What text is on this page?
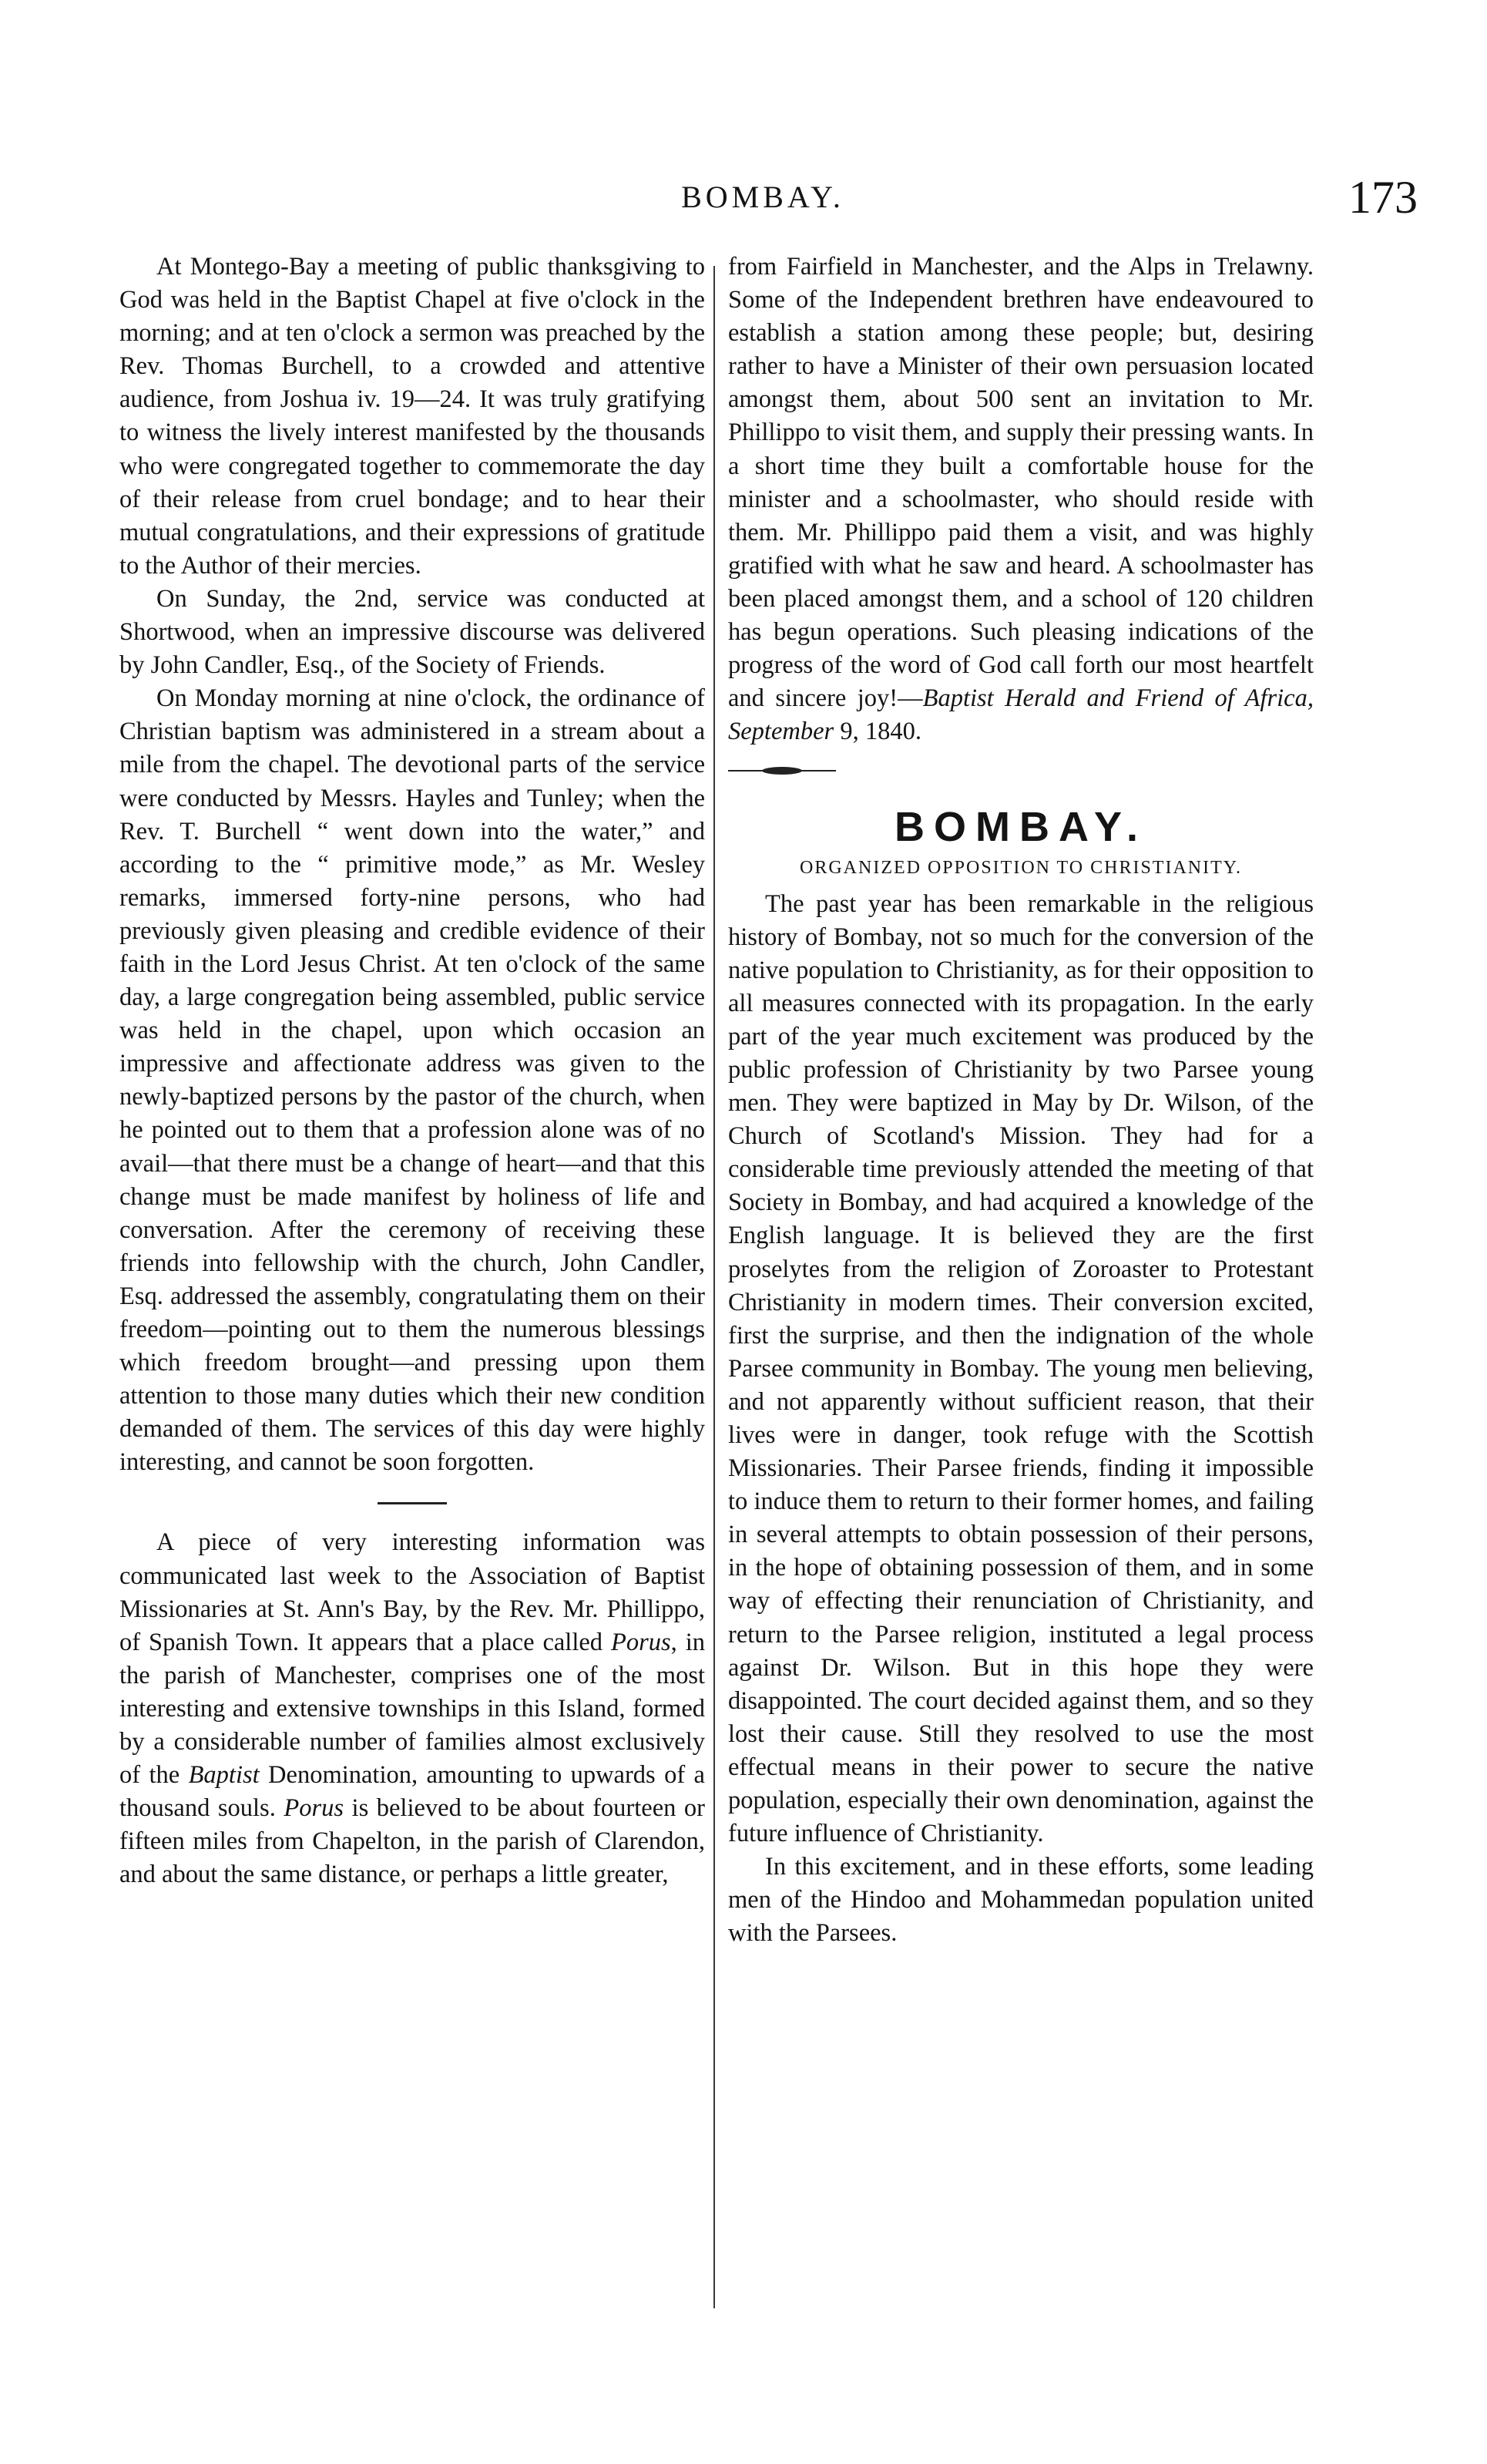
BOMBAY.	173

At Montego-Bay a meeting of public thanksgiving to God was held in the Baptist Chapel at five o'clock in the morning; and at ten o'clock a sermon was preached by the Rev. Thomas Burchell, to a crowded and attentive audience, from Joshua iv. 19—24. It was truly gratifying to witness the lively interest manifested by the thousands who were congregated together to commemorate the day of their release from cruel bondage; and to hear their mutual congratulations, and their expressions of gratitude to the Author of their mercies.

On Sunday, the 2nd, service was conducted at Shortwood, when an impressive discourse was delivered by John Candler, Esq., of the Society of Friends.

On Monday morning at nine o'clock, the ordinance of Christian baptism was administered in a stream about a mile from the chapel. The devotional parts of the service were conducted by Messrs. Hayles and Tunley; when the Rev. T. Burchell “ went down into the water,” and according to the “ primitive mode,” as Mr. Wesley remarks, immersed forty-nine persons, who had previously given pleasing and credible evidence of their faith in the Lord Jesus Christ. At ten o'clock of the same day, a large congregation being assembled, public service was held in the chapel, upon which occasion an impressive and affectionate address was given to the newly-baptized persons by the pastor of the church, when he pointed out to them that a profession alone was of no avail—that there must be a change of heart—and that this change must be made manifest by holiness of life and conversation. After the ceremony of receiving these friends into fellowship with the church, John Candler, Esq. addressed the assembly, congratulating them on their freedom—pointing out to them the numerous blessings which freedom brought—and pressing upon them attention to those many duties which their new condition demanded of them. The services of this day were highly interesting, and cannot be soon forgotten.

A piece of very interesting information was communicated last week to the Association of Baptist Missionaries at St. Ann's Bay, by the Rev. Mr. Phillippo, of Spanish Town. It appears that a place called Porus, in the parish of Manchester, comprises one of the most interesting and extensive townships in this Island, formed by a considerable number of families almost exclusively of the Baptist Denomination, amounting to upwards of a thousand souls. Porus is believed to be about fourteen or fifteen miles from Chapelton, in the parish of Clarendon, and about the same distance, or perhaps a little greater,

from Fairfield in Manchester, and the Alps in Trelawny. Some of the Independent brethren have endeavoured to establish a station among these people; but, desiring rather to have a Minister of their own persuasion located amongst them, about 500 sent an invitation to Mr. Phillippo to visit them, and supply their pressing wants. In a short time they built a comfortable house for the minister and a schoolmaster, who should reside with them. Mr. Phillippo paid them a visit, and was highly gratified with what he saw and heard. A schoolmaster has been placed amongst them, and a school of 120 children has begun operations. Such pleasing indications of the progress of the word of God call forth our most heartfelt and sincere joy!—Baptist Herald and Friend of Africa, September 9, 1840.

BOMBAY.
ORGANIZED OPPOSITION TO CHRISTIANITY.

The past year has been remarkable in the religious history of Bombay, not so much for the conversion of the native population to Christianity, as for their opposition to all measures connected with its propagation. In the early part of the year much excitement was produced by the public profession of Christianity by two Parsee young men. They were baptized in May by Dr. Wilson, of the Church of Scotland's Mission. They had for a considerable time previously attended the meeting of that Society in Bombay, and had acquired a knowledge of the English language. It is believed they are the first proselytes from the religion of Zoroaster to Protestant Christianity in modern times. Their conversion excited, first the surprise, and then the indignation of the whole Parsee community in Bombay. The young men believing, and not apparently without sufficient reason, that their lives were in danger, took refuge with the Scottish Missionaries. Their Parsee friends, finding it impossible to induce them to return to their former homes, and failing in several attempts to obtain possession of their persons, in the hope of obtaining possession of them, and in some way of effecting their renunciation of Christianity, and return to the Parsee religion, instituted a legal process against Dr. Wilson. But in this hope they were disappointed. The court decided against them, and so they lost their cause. Still they resolved to use the most effectual means in their power to secure the native population, especially their own denomination, against the future influence of Christianity.

In this excitement, and in these efforts, some leading men of the Hindoo and Mohammedan population united with the Parsees.
